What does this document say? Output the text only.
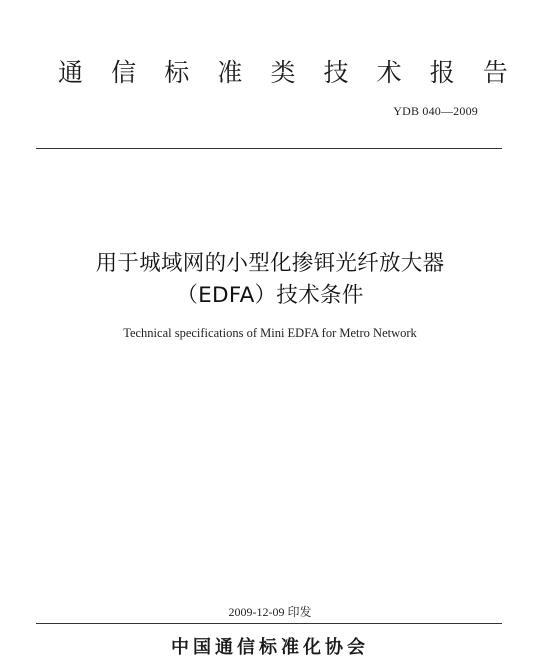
通 信 标 准 类 技 术 报 告
YDB 040—2009
用于城域网的小型化掺铒光纤放大器
（EDFA）技术条件
Technical specifications of Mini EDFA for Metro Network
2009-12-09 印发
中国通信标准化协会
